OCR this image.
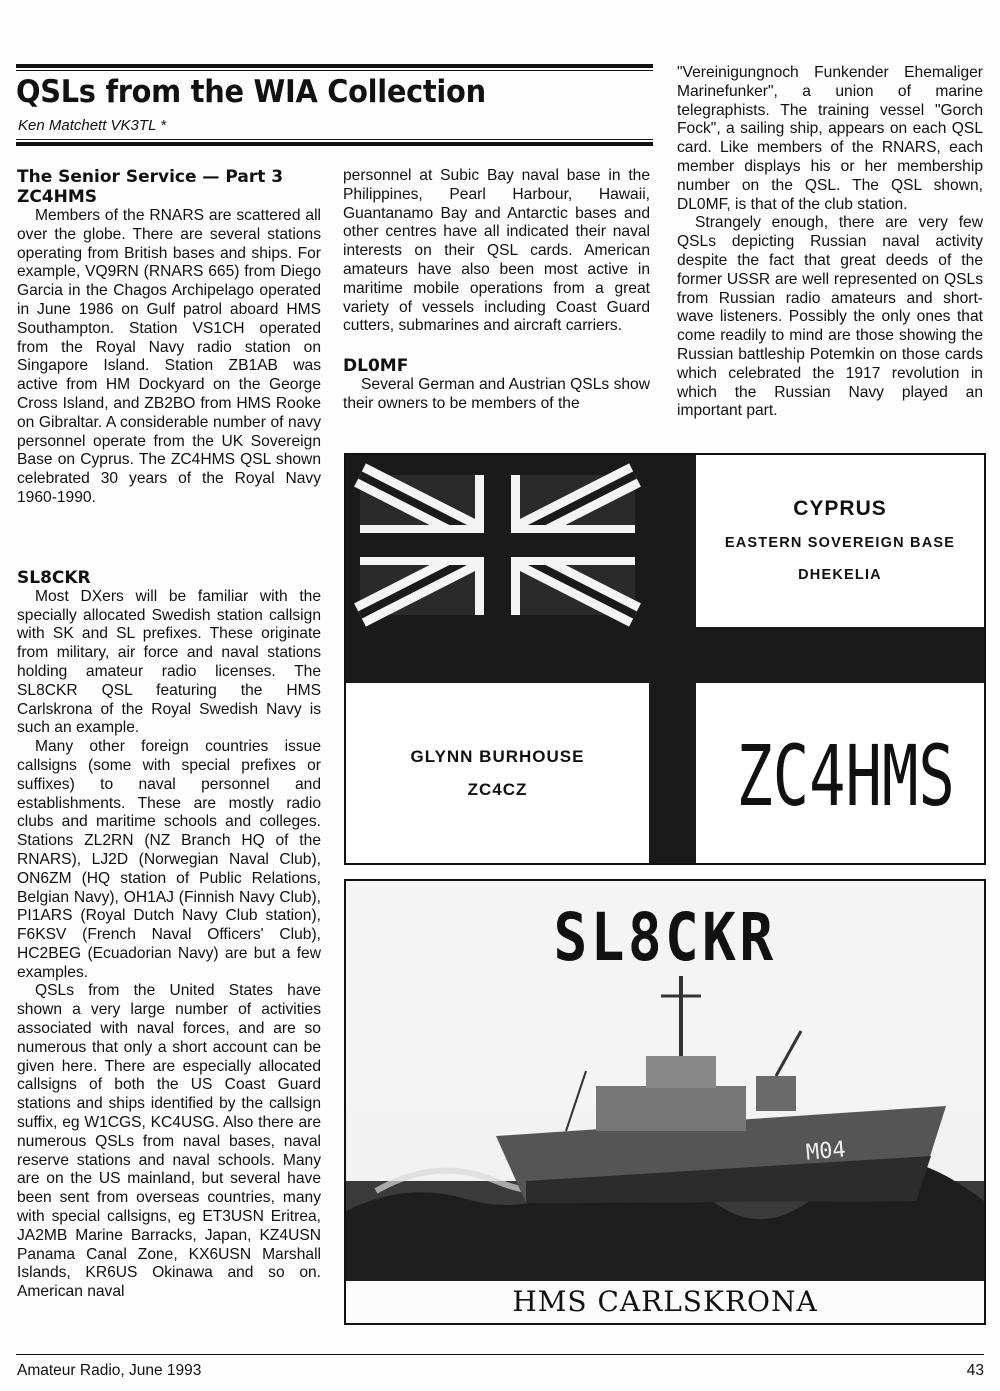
QSLs from the WIA Collection
Ken Matchett VK3TL *
The Senior Service — Part 3
ZC4HMS

Members of the RNARS are scattered all over the globe. There are several stations operating from British bases and ships. For example, VQ9RN (RNARS 665) from Diego Garcia in the Chagos Archipelago operated in June 1986 on Gulf patrol aboard HMS Southampton. Station VS1CH operated from the Royal Navy radio station on Singapore Island. Station ZB1AB was active from HM Dockyard on the George Cross Island, and ZB2BO from HMS Rooke on Gibraltar. A considerable number of navy personnel operate from the UK Sovereign Base on Cyprus. The ZC4HMS QSL shown celebrated 30 years of the Royal Navy 1960-1990.

SL8CKR

Most DXers will be familiar with the specially allocated Swedish station callsign with SK and SL prefixes. These originate from military, air force and naval stations holding amateur radio licenses. The SL8CKR QSL featuring the HMS Carlskrona of the Royal Swedish Navy is such an example.

Many other foreign countries issue callsigns (some with special prefixes or suffixes) to naval personnel and establishments. These are mostly radio clubs and maritime schools and colleges. Stations ZL2RN (NZ Branch HQ of the RNARS), LJ2D (Norwegian Naval Club), ON6ZM (HQ station of Public Relations, Belgian Navy), OH1AJ (Finnish Navy Club), PI1ARS (Royal Dutch Navy Club station), F6KSV (French Naval Officers' Club), HC2BEG (Ecuadorian Navy) are but a few examples.

QSLs from the United States have shown a very large number of activities associated with naval forces, and are so numerous that only a short account can be given here. There are especially allocated callsigns of both the US Coast Guard stations and ships identified by the callsign suffix, eg W1CGS, KC4USG. Also there are numerous QSLs from naval bases, naval reserve stations and naval schools. Many are on the US mainland, but several have been sent from overseas countries, many with special callsigns, eg ET3USN Eritrea, JA2MB Marine Barracks, Japan, KZ4USN Panama Canal Zone, KX6USN Marshall Islands, KR6US Okinawa and so on. American naval

personnel at Subic Bay naval base in the Philippines, Pearl Harbour, Hawaii, Guantanamo Bay and Antarctic bases and other centres have all indicated their naval interests on their QSL cards. American amateurs have also been most active in maritime mobile operations from a great variety of vessels including Coast Guard cutters, submarines and aircraft carriers.

DL0MF

Several German and Austrian QSLs show their owners to be members of the

"Vereinigungnoch Funkender Ehemaliger Marinefunker", a union of marine telegraphists. The training vessel "Gorch Fock", a sailing ship, appears on each QSL card. Like members of the RNARS, each member displays his or her membership number on the QSL. The QSL shown, DL0MF, is that of the club station.

Strangely enough, there are very few QSLs depicting Russian naval activity despite the fact that great deeds of the former USSR are well represented on QSLs from Russian radio amateurs and short-wave listeners. Possibly the only ones that come readily to mind are those showing the Russian battleship Potemkin on those cards which celebrated the 1917 revolution in which the Russian Navy played an important part.

CYPRUS
EASTERN SOVEREIGN BASE
DHEKELIA
GLYNN BURHOUSE
ZC4CZ	ZC4HMS
SL8CKR
M04
HMS CARLSKRONA
Amateur Radio, June 1993	43
